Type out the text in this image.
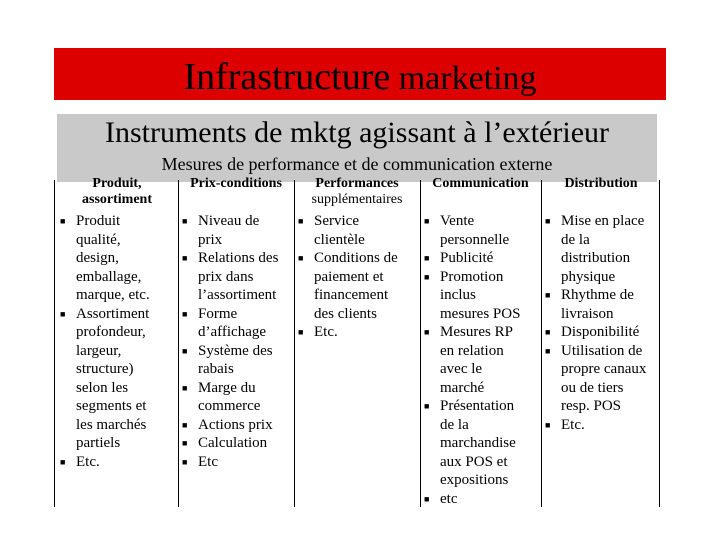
Infrastructure marketing
Instruments de mktg agissant à l’extérieur
Mesures de performance et de communication externe
Produit,
assortiment
■ Produit
qualité,
design,
emballage,
marque, etc.
■ Assortiment
profondeur,
largeur,
structure)
selon les
segments et
les marchés
partiels
■ Etc.
Prix-conditions
■ Niveau de
prix
■ Relations des
prix dans
l’assortiment
■ Forme
d’affichage
■ Système des
rabais
■ Marge du
commerce
■ Actions prix
■ Calculation
■ Etc
Performances
supplémentaires
■ Service
clientèle
■ Conditions de
paiement et
financement
des clients
■ Etc.
Communication
■ Vente
personnelle
■ Publicité
■ Promotion
inclus
mesures POS
■ Mesures RP
en relation
avec le
marché
■ Présentation
de la
marchandise
aux POS et
expositions
■ etc
Distribution
■ Mise en place
de la
distribution
physique
■ Rhythme de
livraison
■ Disponibilité
■ Utilisation de
propre canaux
ou de tiers
resp. POS
■ Etc.
